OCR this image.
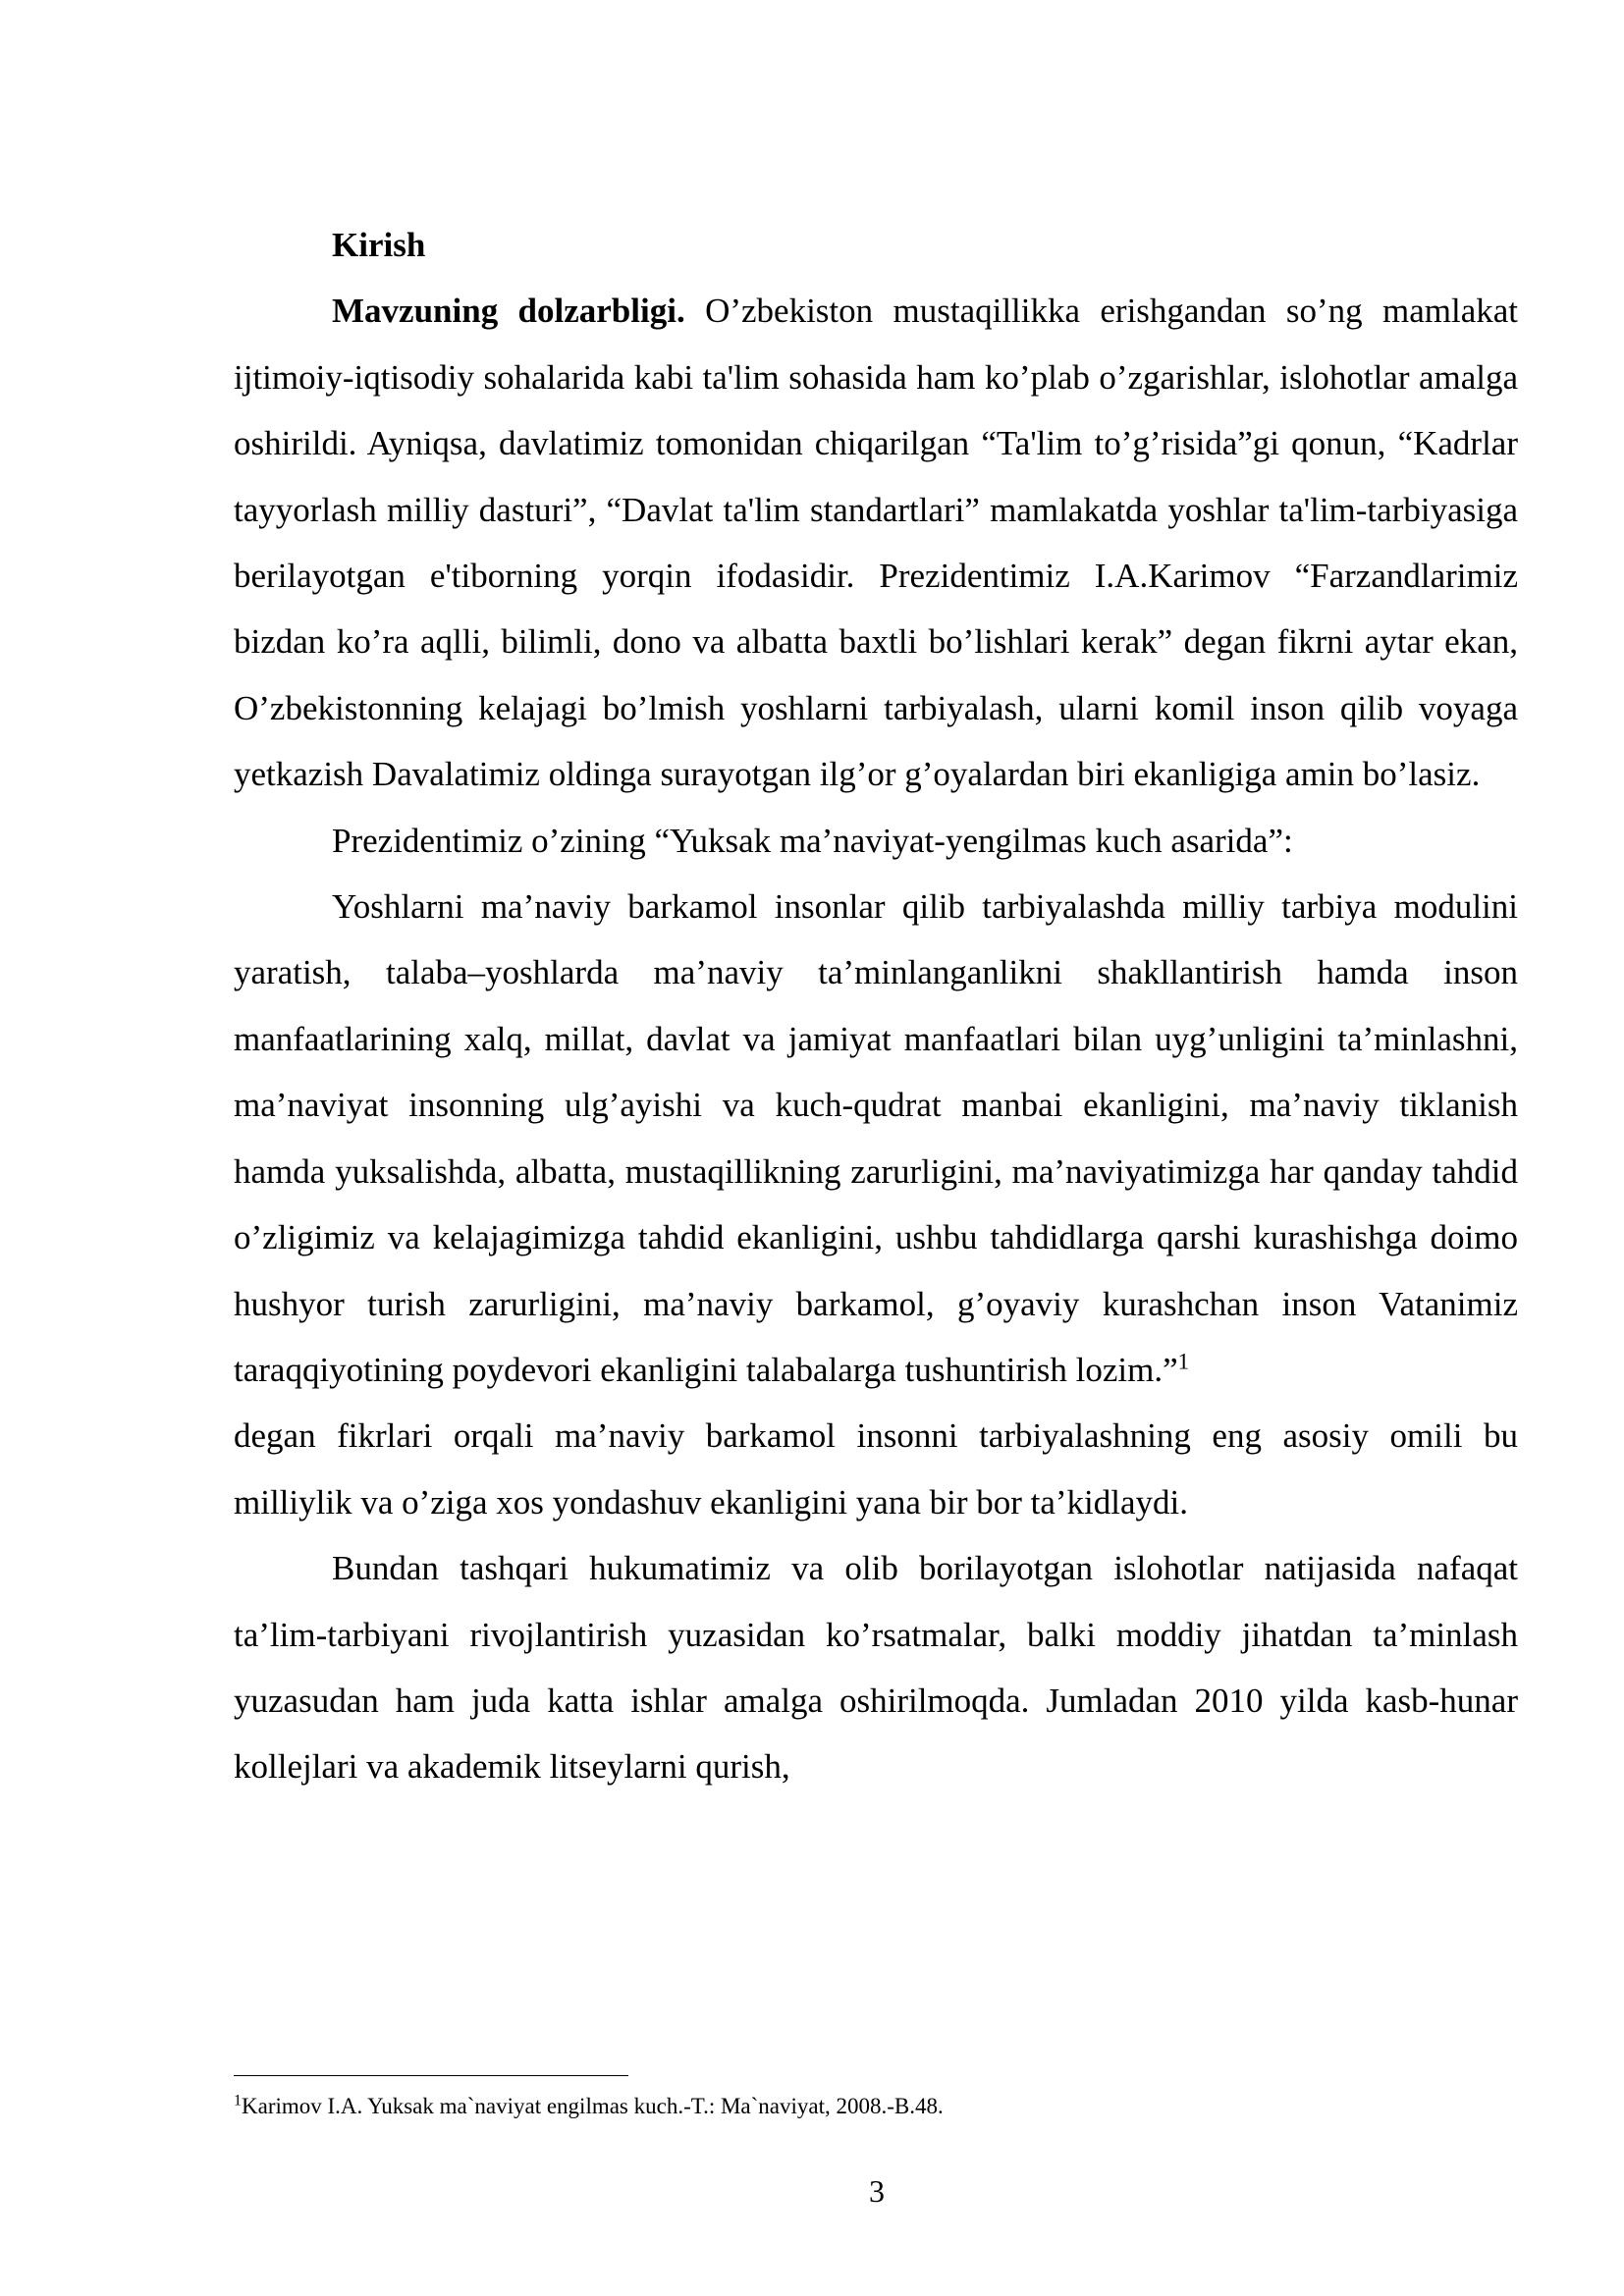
Kirish

Mavzuning dolzarbligi. O’zbekiston mustaqillikka erishgandan so’ng mamlakat ijtimoiy-iqtisodiy sohalarida kabi ta'lim sohasida ham ko’plab o’zgarishlar, islohotlar amalga oshirildi. Ayniqsa, davlatimiz tomonidan chiqarilgan “Ta'lim to’g’risida”gi qonun, “Kadrlar tayyorlash milliy dasturi”, “Davlat ta'lim standartlari” mamlakatda yoshlar ta'lim-tarbiyasiga berilayotgan e'tiborning yorqin ifodasidir. Prezidentimiz I.A.Karimov “Farzandlarimiz bizdan ko’ra aqlli, bilimli, dono va albatta baxtli bo’lishlari kerak” degan fikrni aytar ekan, O’zbekistonning kelajagi bo’lmish yoshlarni tarbiyalash, ularni komil inson qilib voyaga yetkazish Davalatimiz oldinga surayotgan ilg’or g’oyalardan biri ekanligiga amin bo’lasiz.

Prezidentimiz o’zining “Yuksak ma’naviyat-yengilmas kuch asarida”:

Yoshlarni ma’naviy barkamol insonlar qilib tarbiyalashda milliy tarbiya modulini yaratish, talaba–yoshlarda ma’naviy ta’minlanganlikni shakllantirish hamda inson manfaatlarining xalq, millat, davlat va jamiyat manfaatlari bilan uyg’unligini ta’minlashni, ma’naviyat insonning ulg’ayishi va kuch-qudrat manbai ekanligini, ma’naviy tiklanish hamda yuksalishda, albatta, mustaqillikning zarurligini, ma’naviyatimizga har qanday tahdid o’zligimiz va kelajagimizga tahdid ekanligini, ushbu tahdidlarga qarshi kurashishga doimo hushyor turish zarurligini, ma’naviy barkamol, g’oyaviy kurashchan inson Vatanimiz taraqqiyotining poydevori ekanligini talabalarga tushuntirish lozim.”$^1$

degan fikrlari orqali ma’naviy barkamol insonni tarbiyalashning eng asosiy omili bu milliylik va o’ziga xos yondashuv ekanligini yana bir bor ta’kidlaydi.

Bundan tashqari hukumatimiz va olib borilayotgan islohotlar natijasida nafaqat ta’lim-tarbiyani rivojlantirish yuzasidan ko’rsatmalar, balki moddiy jihatdan ta’minlash yuzasudan ham juda katta ishlar amalga oshirilmoqda. Jumladan 2010 yilda kasb-hunar kollejlari va akademik litseylarni qurish,

$^1$Karimov I.A. Yuksak ma`naviyat engilmas kuch.-T.: Ma`naviyat, 2008.-B.48.

3
